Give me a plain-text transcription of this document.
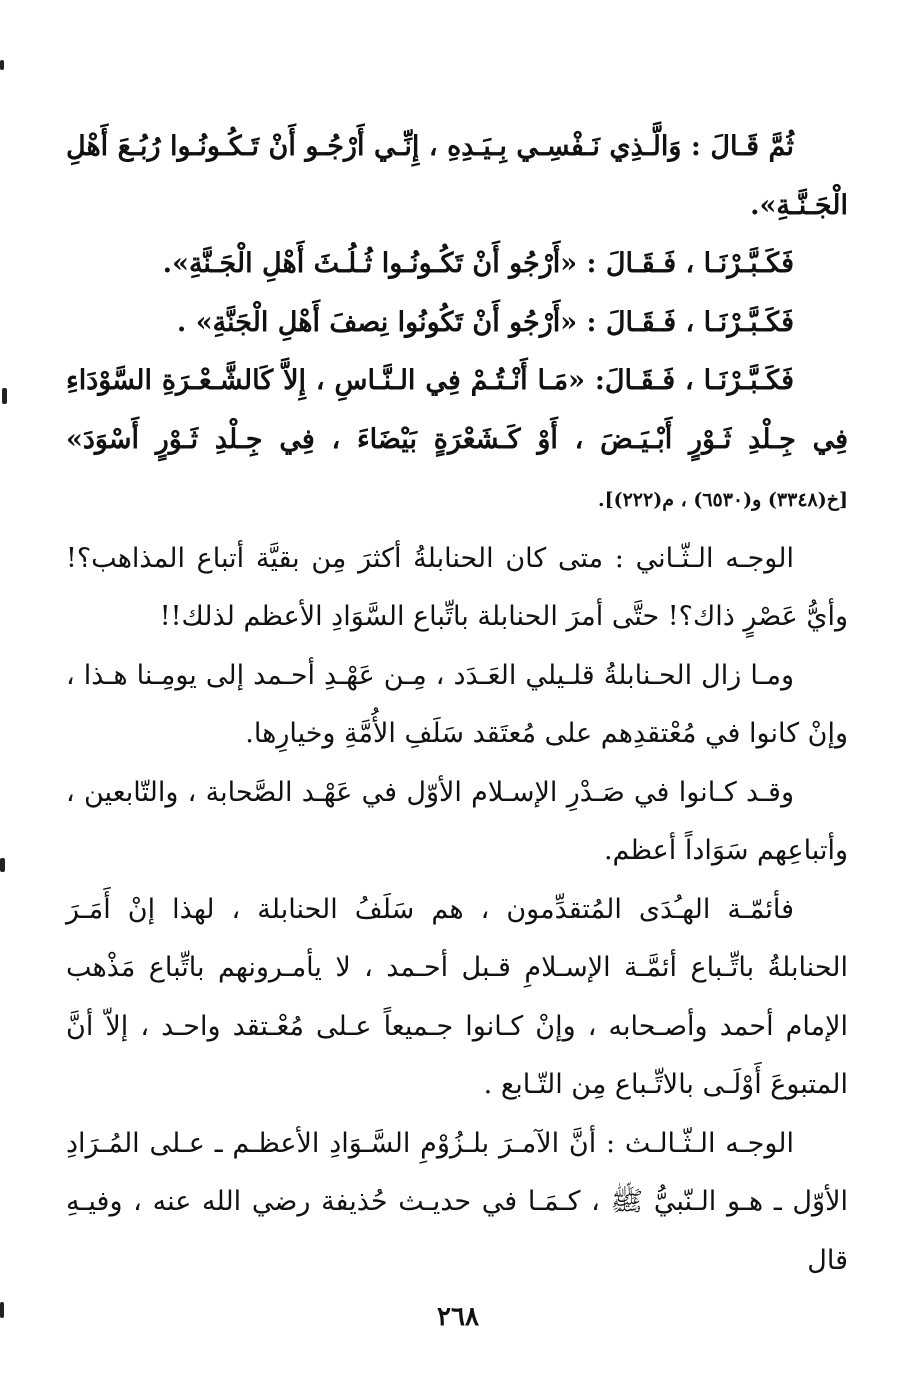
ثُمَّ قَـالَ : وَالَّـذِي نَـفْسِـي بِـيَـدِهِ ، إِنِّـي أَرْجُـو أَنْ تَـكُـونُـوا رُبُـعَ أَهْلِ الْجَـنَّـةِ».

فَكَـبَّـرْنَـا ، فَـقَـالَ : «أَرْجُو أَنْ تَكُـونُـوا ثُـلُـثَ أَهْلِ الْجَـنَّةِ».

فَكَـبَّـرْنَـا ، فَـقَـالَ : «أَرْجُو أَنْ تَكُونُوا نِصفَ أَهْلِ الْجَنَّةِ» .

فَكَـبَّـرْنَـا ، فَـقَـالَ: «مَـا أَنْـتُـمْ فِي الـنَّـاسِ ، إِلاَّ كَالشَّـعْـرَةِ السَّوْدَاءِ فِي جِـلْدِ ثَـوْرٍ أَبْـيَـضَ ، أَوْ كَـشَعْرَةٍ بَيْضَاءَ ، فِي جِـلْدِ ثَـوْرٍ أَسْوَدَ» [خ(٣٣٤٨) و(٦٥٣٠) ، م(٢٢٢)].

الوجـه الـثّـاني : متى كان الحنابلةُ أكثرَ مِن بقيَّة أتباع المذاهب؟! وأيُّ عَصْرٍ ذاك؟! حتَّى أمرَ الحنابلة باتِّباع السَّوَادِ الأعظم لذلك!!

ومـا زال الحـنابلةُ قلـيلي العَـدَد ، مِـن عَهْـدِ أحـمد إلى يومِـنا هـذا ، وإنْ كانوا في مُعْتقدِهم على مُعتَقد سَلَفِ الأُمَّةِ وخيارِها.

وقـد كـانوا في صَـدْرِ الإسـلام الأوّل في عَهْـد الصَّحابة ، والتّابعين ، وأتباعِهم سَوَاداً أعظم.

فأئمّـة الهـُدَى المُتقدِّمون ، هم سَلَفُ الحنابلة ، لهذا إنْ أَمَـرَ الحنابلةُ باتِّـباع أئمَّـة الإسـلامِ قـبل أحـمد ، لا يأمـرونهم باتِّباع مَذْهب الإمام أحمد وأصـحابه ، وإنْ كـانوا جـميعاً عـلى مُعْـتقد واحـد ، إلاّ أنَّ المتبوعَ أَوْلَـى بالاتِّـباع مِن التّـابع .

الوجـه الـثّـالـث : أنَّ الآمـرَ بلـزُوْمِ السَّـوَادِ الأعظـم ـ عـلى المُـرَادِ الأوّل ـ هـو الـنّبيُّ ﷺ ، كـمَـا في حديـث حُذيفة رضي الله عنه ، وفيـهِ قال

٢٦٨
